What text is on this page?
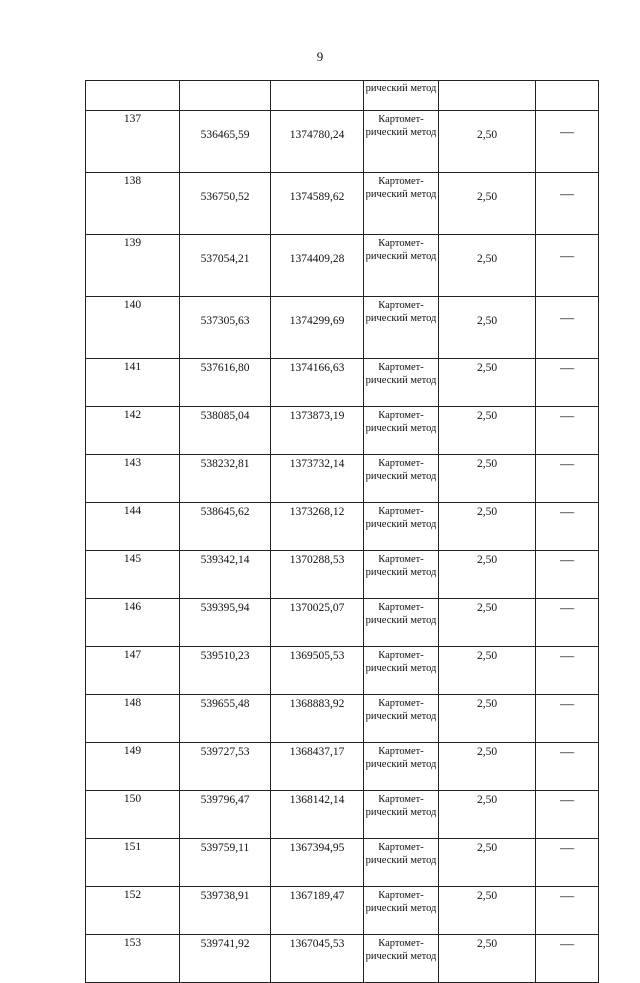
9
			рический метод		
137	536465,59	1374780,24	Картомет-рический метод	2,50	—
138	536750,52	1374589,62	Картомет-рический метод	2,50	—
139	537054,21	1374409,28	Картомет-рический метод	2,50	—
140	537305,63	1374299,69	Картомет-рический метод	2,50	—
141	537616,80	1374166,63	Картомет-рический метод	2,50	—
142	538085,04	1373873,19	Картомет-рический метод	2,50	—
143	538232,81	1373732,14	Картомет-рический метод	2,50	—
144	538645,62	1373268,12	Картомет-рический метод	2,50	—
145	539342,14	1370288,53	Картомет-рический метод	2,50	—
146	539395,94	1370025,07	Картомет-рический метод	2,50	—
147	539510,23	1369505,53	Картомет-рический метод	2,50	—
148	539655,48	1368883,92	Картомет-рический метод	2,50	—
149	539727,53	1368437,17	Картомет-рический метод	2,50	—
150	539796,47	1368142,14	Картомет-рический метод	2,50	—
151	539759,11	1367394,95	Картомет-рический метод	2,50	—
152	539738,91	1367189,47	Картомет-рический метод	2,50	—
153	539741,92	1367045,53	Картомет-рический метод	2,50	—
